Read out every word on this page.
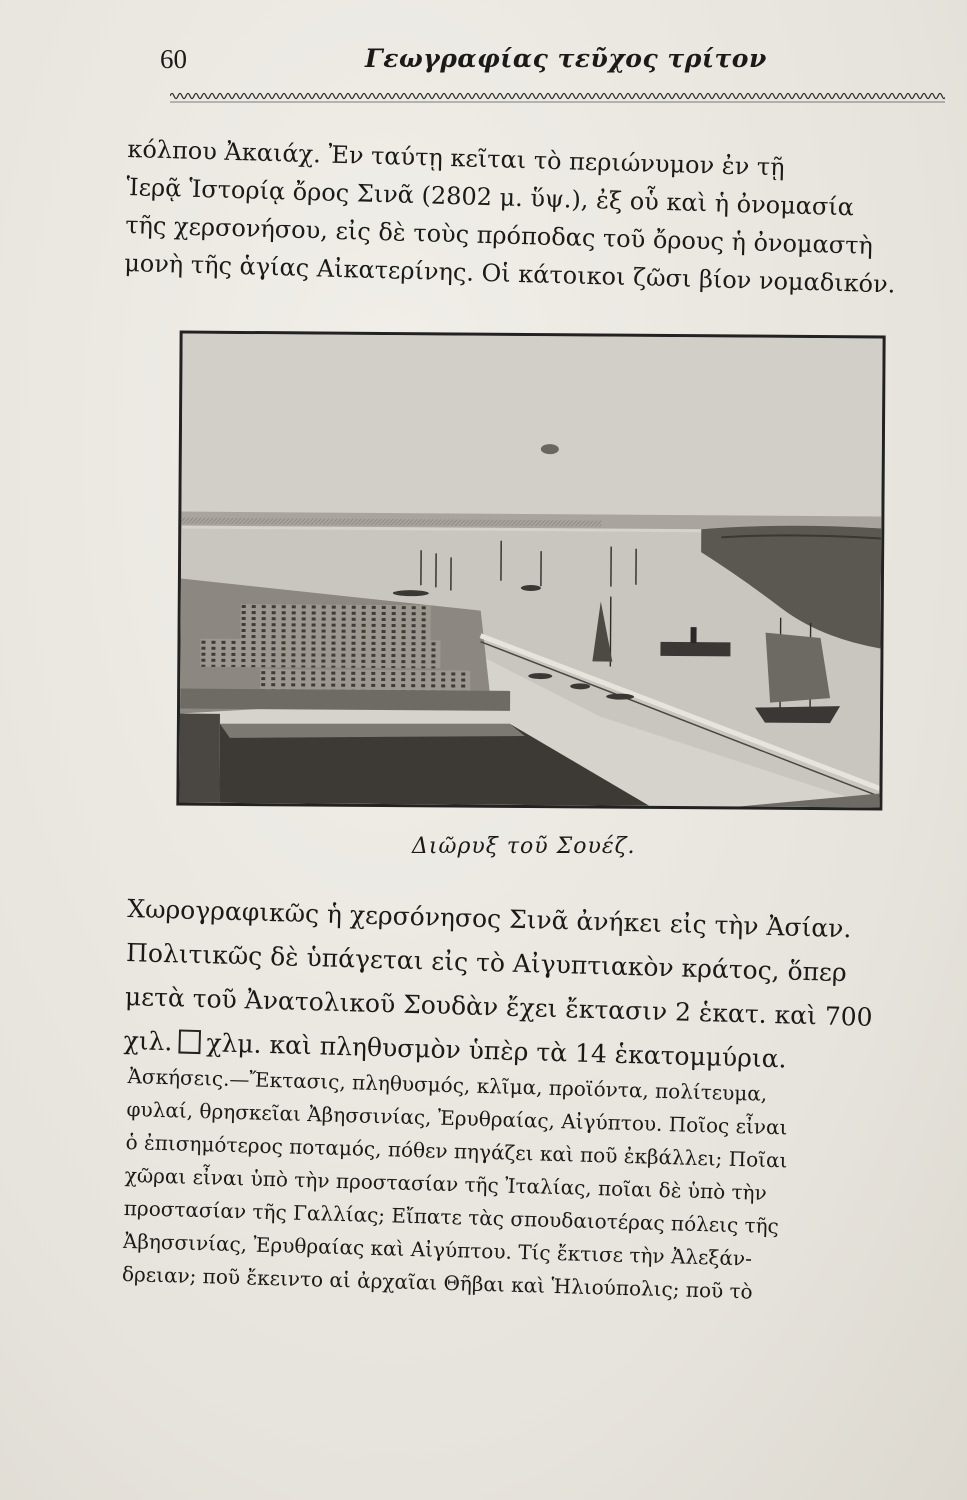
60	Γεωγραφίας τεῦχος τρίτον
κόλπου Ἀκαιάχ. Ἐν ταύτῃ κεῖται τὸ περιώνυμον ἐν τῇ
Ἱερᾷ Ἱστορίᾳ ὄρος Σινᾶ (2802 μ. ὕψ.), ἐξ οὗ καὶ ἡ ὀνομασία
τῆς χερσονήσου, εἰς δὲ τοὺς πρόποδας τοῦ ὄρους ἡ ὀνομαστὴ
μονὴ τῆς ἁγίας Αἰκατερίνης. Οἱ κάτοικοι ζῶσι βίον νομαδικόν.
Διῶρυξ τοῦ Σουέζ.
Χωρογραφικῶς ἡ χερσόνησος Σινᾶ ἀνήκει εἰς τὴν Ἀσίαν.
Πολιτικῶς δὲ ὑπάγεται εἰς τὸ Αἰγυπτιακὸν κράτος, ὅπερ
μετὰ τοῦ Ἀνατολικοῦ Σουδὰν ἔχει ἔκτασιν 2 ἑκατ. καὶ 700
χιλ. χλμ. καὶ πληθυσμὸν ὑπὲρ τὰ 14 ἑκατομμύρια.
Ἀσκήσεις.—Ἔκτασις, πληθυσμός, κλῖμα, προϊόντα, πολίτευμα,
φυλαί, θρησκεῖαι Ἀβησσινίας, Ἐρυθραίας, Αἰγύπτου. Ποῖος εἶναι
ὁ ἐπισημότερος ποταμός, πόθεν πηγάζει καὶ ποῦ ἐκβάλλει; Ποῖαι
χῶραι εἶναι ὑπὸ τὴν προστασίαν τῆς Ἰταλίας, ποῖαι δὲ ὑπὸ τὴν
προστασίαν τῆς Γαλλίας; Εἴπατε τὰς σπουδαιοτέρας πόλεις τῆς
Ἀβησσινίας, Ἐρυθραίας καὶ Αἰγύπτου. Τίς ἔκτισε τὴν Ἀλεξάν-
δρειαν; ποῦ ἔκειντο αἱ ἀρχαῖαι Θῆβαι καὶ Ἡλιούπολις; ποῦ τὸ
